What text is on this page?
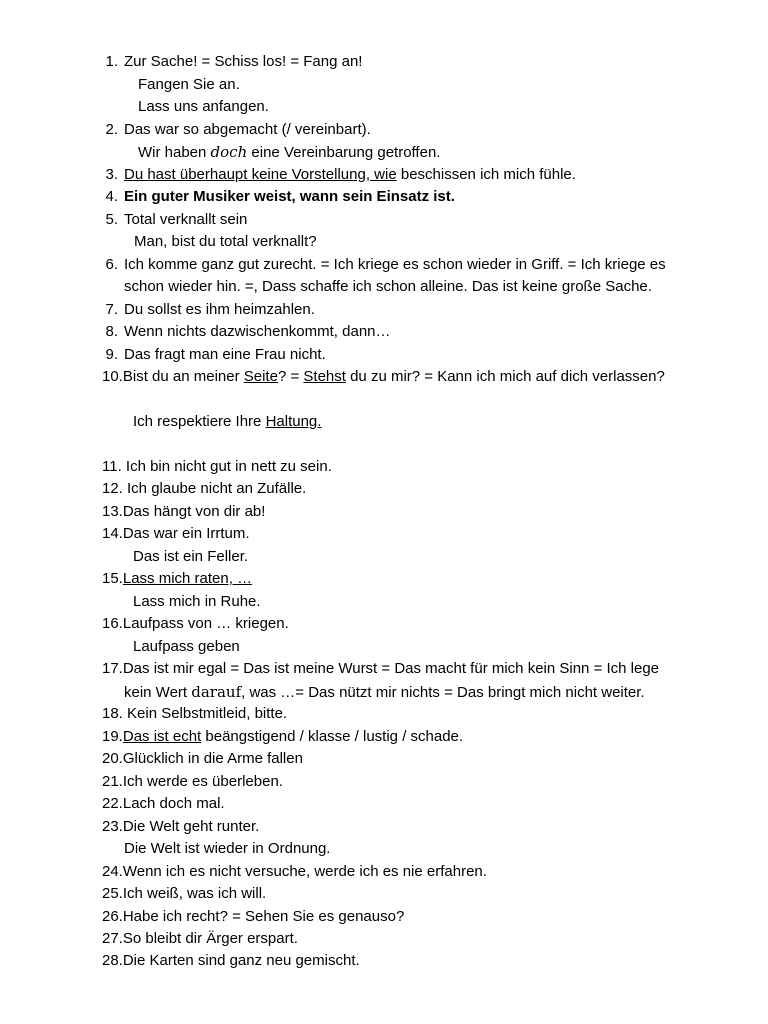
1. Zur Sache! = Schiss los! = Fang an!
Fangen Sie an.
Lass uns anfangen.
2. Das war so abgemacht (/ vereinbart).
Wir haben doch eine Vereinbarung getroffen.
3. Du hast überhaupt keine Vorstellung, wie beschissen ich mich fühle.
4. Ein guter Musiker weist, wann sein Einsatz ist.
5. Total verknallt sein
Man, bist du total verknallt?
6. Ich komme ganz gut zurecht. = Ich kriege es schon wieder in Griff. = Ich kriege es
schon wieder hin. =, Dass schaffe ich schon alleine. Das ist keine große Sache.
7. Du sollst es ihm heimzahlen.
8. Wenn nichts dazwischenkommt, dann…
9. Das fragt man eine Frau nicht.
10.Bist du an meiner Seite? = Stehst du zu mir? = Kann ich mich auf dich verlassen?
Ich respektiere Ihre Haltung.
11. Ich bin nicht gut in nett zu sein.
12. Ich glaube nicht an Zufälle.
13.Das hängt von dir ab!
14.Das war ein Irrtum.
Das ist ein Feller.
15.Lass mich raten, …
Lass mich in Ruhe.
16.Laufpass von … kriegen.
Laufpass geben
17.Das ist mir egal = Das ist meine Wurst = Das macht für mich kein Sinn = Ich lege
kein Wert darauf, was …= Das nützt mir nichts = Das bringt mich nicht weiter.
18. Kein Selbstmitleid, bitte.
19.Das ist echt beängstigend / klasse / lustig / schade.
20.Glücklich in die Arme fallen
21.Ich werde es überleben.
22.Lach doch mal.
23.Die Welt geht runter.
Die Welt ist wieder in Ordnung.
24.Wenn ich es nicht versuche, werde ich es nie erfahren.
25.Ich weiß, was ich will.
26.Habe ich recht? = Sehen Sie es genauso?
27.So bleibt dir Ärger erspart.
28.Die Karten sind ganz neu gemischt.
